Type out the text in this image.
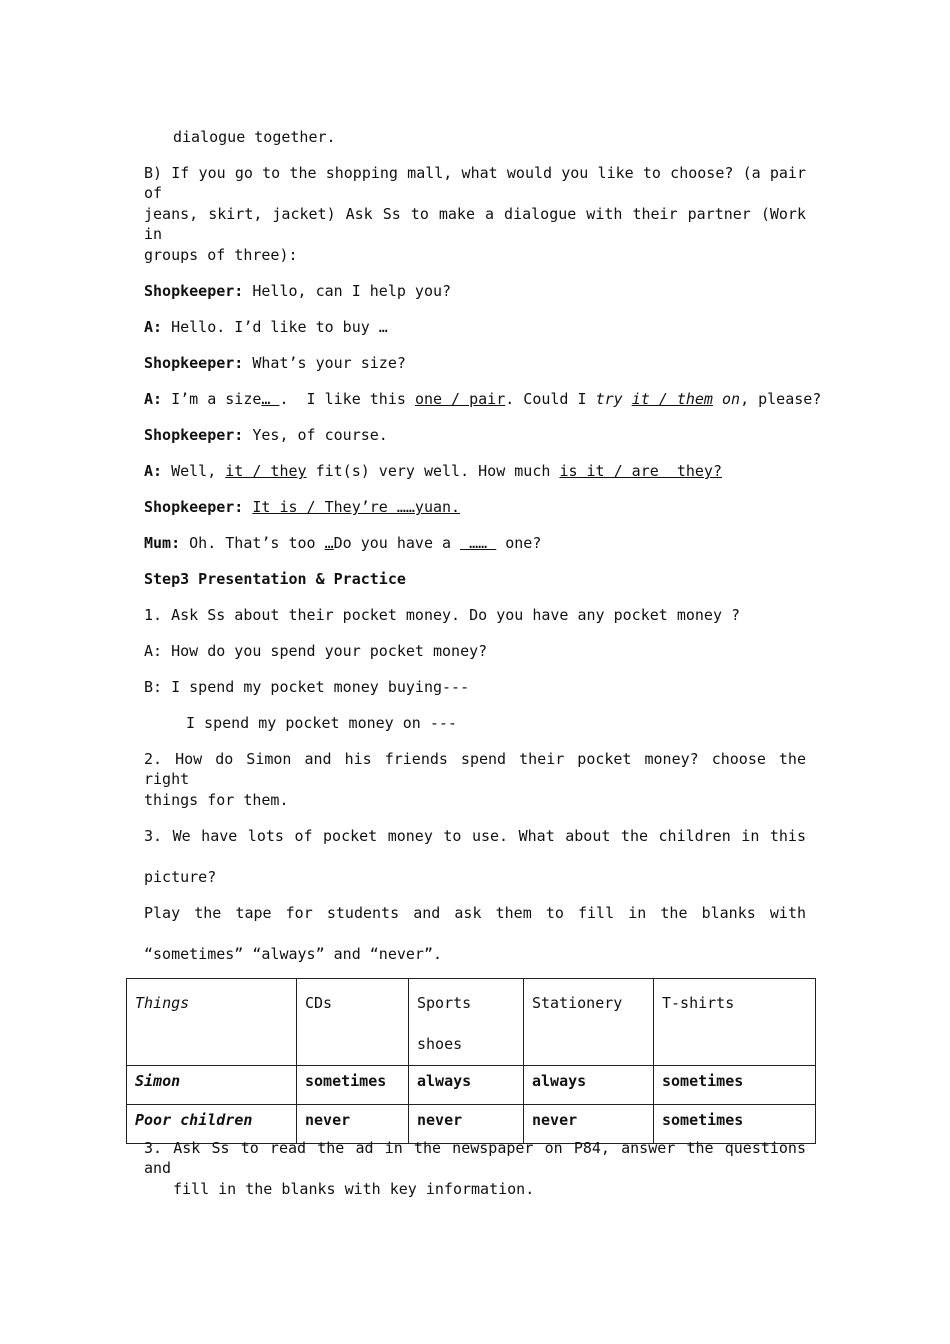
dialogue together.
B) If you go to the shopping mall, what would you like to choose? (a pair of
jeans, skirt, jacket) Ask Ss to make a dialogue with their partner (Work in
groups of three):
Shopkeeper: Hello, can I help you?
A: Hello. I’d like to buy …
Shopkeeper: What’s your size?
A: I’m a size… .  I like this one / pair. Could I try it / them on, please?
Shopkeeper: Yes, of course.
A: Well, it / they fit(s) very well. How much is it / are  they?
Shopkeeper: It is / They’re ……yuan.
Mum: Oh. That’s too …Do you have a  ……  one?
Step3 Presentation & Practice
1. Ask Ss about their pocket money. Do you have any pocket money ?
A: How do you spend your pocket money?
B: I spend my pocket money buying---
I spend my pocket money on ---
2. How do Simon and his friends spend their pocket money? choose the right
things for them.
3. We have lots of pocket money to use. What about the children in this
picture?
Play the tape for students and ask them to fill in the blanks with
“sometimes” “always” and “never”.
Things	CDs	Sports shoes	Stationery	T-shirts
Simon	sometimes	always	always	sometimes
Poor children	never	never	never	sometimes
3. Ask Ss to read the ad in the newspaper on P84, answer the questions and
fill in the blanks with key information.
